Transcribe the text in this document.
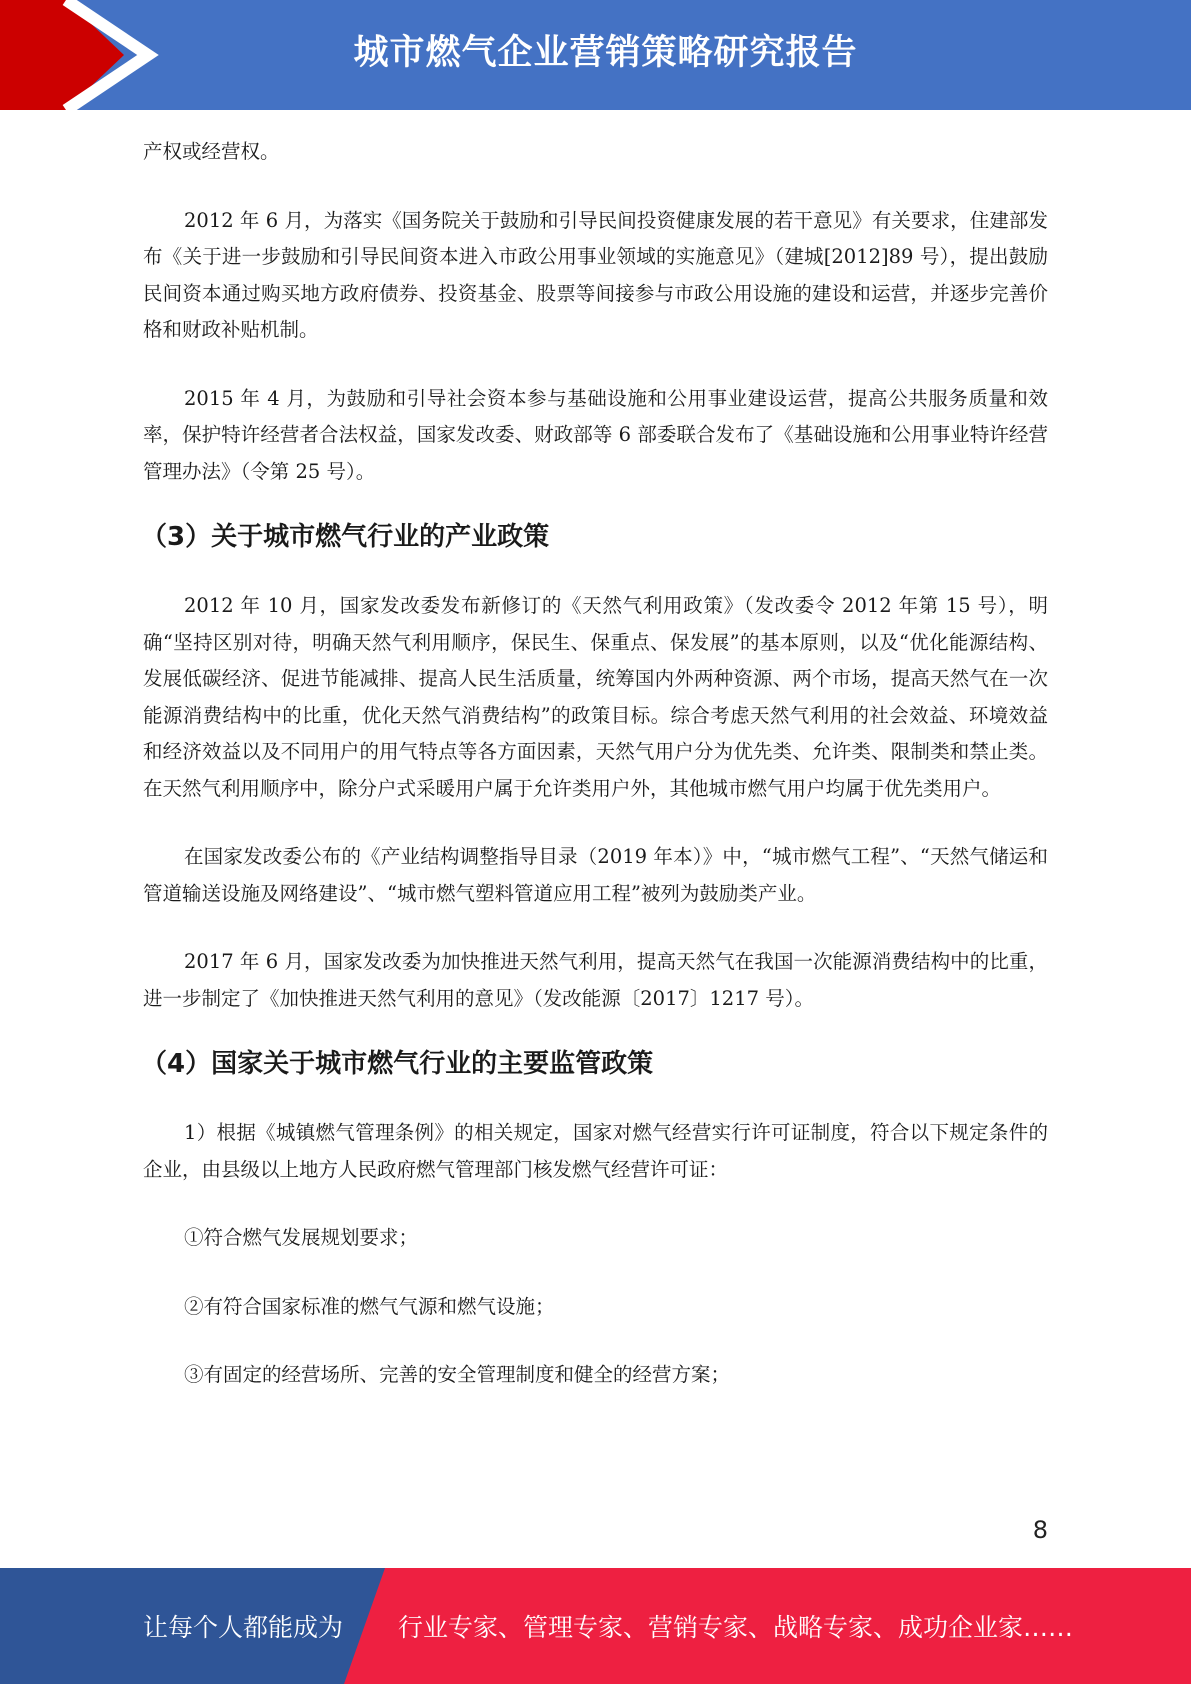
城市燃气企业营销策略研究报告

产权或经营权。

2012 年 6 月，为落实《国务院关于鼓励和引导民间投资健康发展的若干意见》有关要求，住建部发布《关于进一步鼓励和引导民间资本进入市政公用事业领域的实施意见》（建城[2012]89 号），提出鼓励民间资本通过购买地方政府债券、投资基金、股票等间接参与市政公用设施的建设和运营，并逐步完善价格和财政补贴机制。

2015 年 4 月，为鼓励和引导社会资本参与基础设施和公用事业建设运营，提高公共服务质量和效率，保护特许经营者合法权益，国家发改委、财政部等 6 部委联合发布了《基础设施和公用事业特许经营管理办法》（令第 25 号）。

（3）关于城市燃气行业的产业政策

2012 年 10 月，国家发改委发布新修订的《天然气利用政策》（发改委令 2012 年第 15 号），明确“坚持区别对待，明确天然气利用顺序，保民生、保重点、保发展”的基本原则，以及“优化能源结构、发展低碳经济、促进节能减排、提高人民生活质量，统筹国内外两种资源、两个市场，提高天然气在一次能源消费结构中的比重，优化天然气消费结构”的政策目标。综合考虑天然气利用的社会效益、环境效益和经济效益以及不同用户的用气特点等各方面因素，天然气用户分为优先类、允许类、限制类和禁止类。在天然气利用顺序中，除分户式采暖用户属于允许类用户外，其他城市燃气用户均属于优先类用户。

在国家发改委公布的《产业结构调整指导目录（2019 年本）》中，“城市燃气工程”、“天然气储运和管道输送设施及网络建设”、“城市燃气塑料管道应用工程”被列为鼓励类产业。

2017 年 6 月，国家发改委为加快推进天然气利用，提高天然气在我国一次能源消费结构中的比重，进一步制定了《加快推进天然气利用的意见》（发改能源〔2017〕1217 号）。

（4）国家关于城市燃气行业的主要监管政策

1）根据《城镇燃气管理条例》的相关规定，国家对燃气经营实行许可证制度，符合以下规定条件的企业，由县级以上地方人民政府燃气管理部门核发燃气经营许可证：

①符合燃气发展规划要求；

②有符合国家标准的燃气气源和燃气设施；

③有固定的经营场所、完善的安全管理制度和健全的经营方案；

8
让每个人都能成为 行业专家、管理专家、营销专家、战略专家、成功企业家……
